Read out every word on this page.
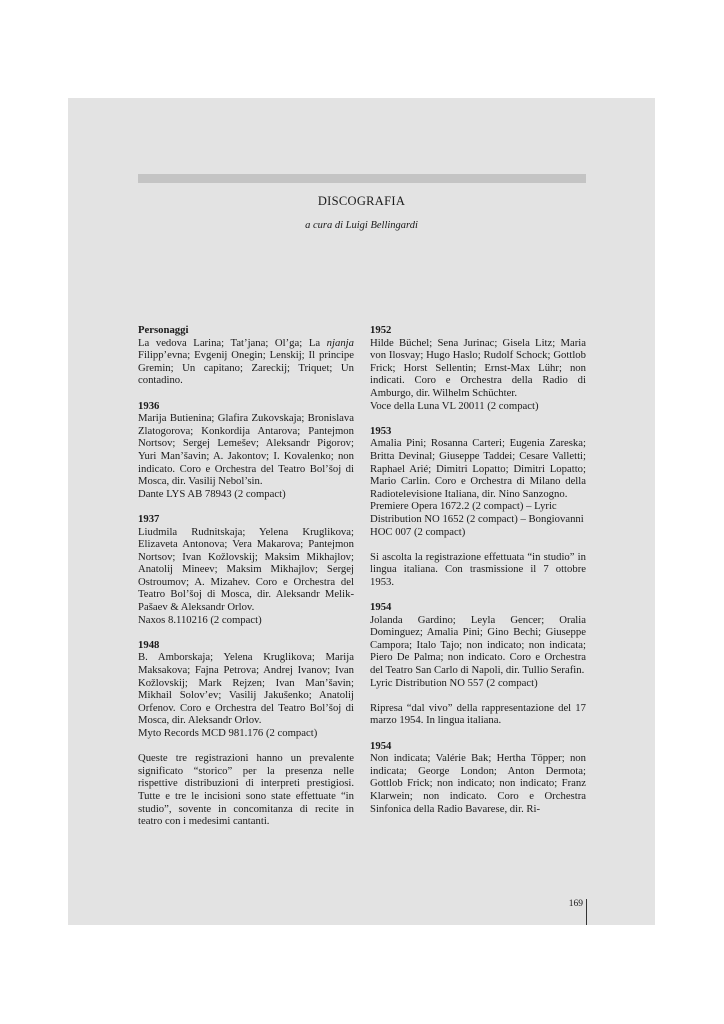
DISCOGRAFIA
a cura di Luigi Bellingardi
Personaggi

La vedova Larina; Tat’jana; Ol’ga; La njanja Filipp’evna; Evgenij Onegin; Lenskij; Il principe Gremin; Un capitano; Zareckij; Triquet; Un contadino.

1936

Marija Butienina; Glafira Zukovskaja; Bronislava Zlatogorova; Konkordija Antarova; Pantejmon Nortsov; Sergej Lemešev; Aleksandr Pigorov; Yuri Man’šavin; A. Jakontov; I. Kovalenko; non indicato. Coro e Orchestra del Teatro Bol’šoj di Mosca, dir. Vasilij Nebol’sin.

Dante LYS AB 78943 (2 compact)

1937

Liudmila Rudnitskaja; Yelena Kruglikova; Elizaveta Antonova; Vera Makarova; Pantejmon Nortsov; Ivan Kožlovskij; Maksim Mikhajlov; Anatolij Mineev; Maksim Mikhajlov; Sergej Ostroumov; A. Mizahev. Coro e Orchestra del Teatro Bol’šoj di Mosca, dir. Aleksandr Melik-Pašaev & Aleksandr Orlov.

Naxos 8.110216 (2 compact)

1948

B. Amborskaja; Yelena Kruglikova; Marija Maksakova; Fajna Petrova; Andrej Ivanov; Ivan Kožlovskij; Mark Rejzen; Ivan Man’šavin; Mikhail Solov’ev; Vasilij Jakušenko; Anatolij Orfenov. Coro e Orchestra del Teatro Bol’šoj di Mosca, dir. Aleksandr Orlov.

Myto Records MCD 981.176 (2 compact)

Queste tre registrazioni hanno un prevalente significato “storico” per la presenza nelle rispettive distribuzioni di interpreti prestigiosi. Tutte e tre le incisioni sono state effettuate “in studio”, sovente in concomitanza di recite in teatro con i medesimi cantanti.

1952

Hilde Büchel; Sena Jurinac; Gisela Litz; Maria von Ilosvay; Hugo Haslo; Rudolf Schock; Gottlob Frick; Horst Sellentin; Ernst-Max Lühr; non indicati. Coro e Orchestra della Radio di Amburgo, dir. Wilhelm Schüchter.

Voce della Luna VL 20011 (2 compact)

1953

Amalia Pini; Rosanna Carteri; Eugenia Zareska; Britta Devinal; Giuseppe Taddei; Cesare Valletti; Raphael Arié; Dimitri Lopatto; Dimitri Lopatto; Mario Carlin. Coro e Orchestra di Milano della Radiotelevisione Italiana, dir. Nino Sanzogno.

Premiere Opera 1672.2 (2 compact) – Lyric Distribution NO 1652 (2 compact) – Bongiovanni HOC 007 (2 compact)

Si ascolta la registrazione effettuata “in studio” in lingua italiana. Con trasmissione il 7 ottobre 1953.

1954

Jolanda Gardino; Leyla Gencer; Oralia Dominguez; Amalia Pini; Gino Bechi; Giuseppe Campora; Italo Tajo; non indicato; non indicata; Piero De Palma; non indicato. Coro e Orchestra del Teatro San Carlo di Napoli, dir. Tullio Serafin.

Lyric Distribution NO 557 (2 compact)

Ripresa “dal vivo” della rappresentazione del 17 marzo 1954. In lingua italiana.

1954

Non indicata; Valérie Bak; Hertha Töpper; non indicata; George London; Anton Dermota; Gottlob Frick; non indicato; non indicato; Franz Klarwein; non indicato. Coro e Orchestra Sinfonica della Radio Bavarese, dir. Ri-

169
